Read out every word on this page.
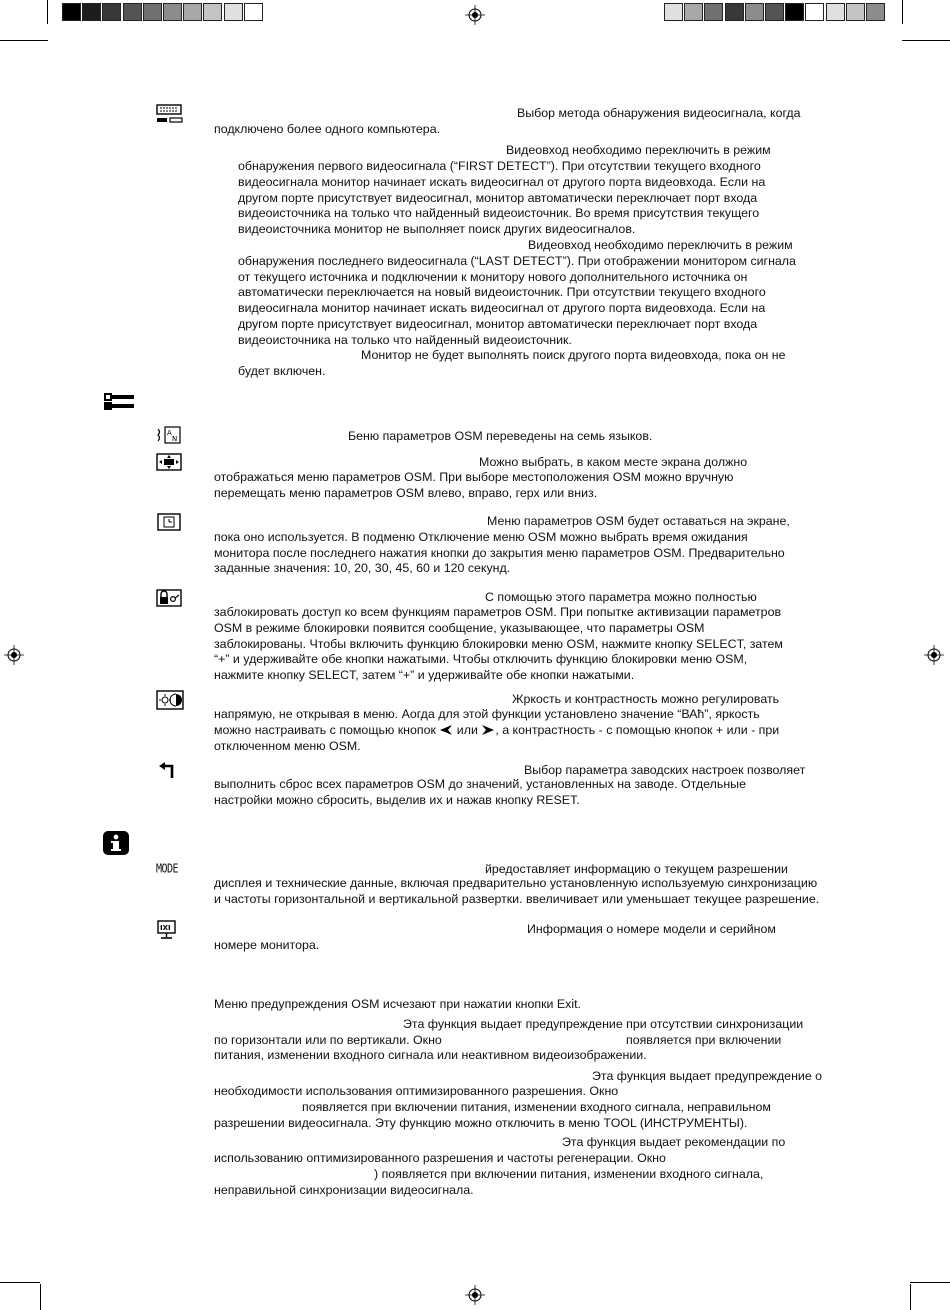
A
N
MODE
IXI
Выбор метода обнаружения видеосигнала, когда
подключено более одного компьютера.
Видеовход необходимо переключить в режим
обнаружения первого видеосигнала (“FIRST DETECT”). При отсутствии текущего входного
видеосигнала монитор начинает искать видеосигнал от другого порта видеовхода. Если на
другом порте присутствует видеосигнал, монитор автоматически переключает порт входа
видеоисточника на только что найденный видеоисточник. Во время присутствия текущего
видеоисточника монитор не выполняет поиск других видеосигналов.
Видеовход необходимо переключить в режим
обнаружения последнего видеосигнала (“LAST DETECT”). При отображении монитором сигнала
от текущего источника и подключении к монитору нового дополнительного источника он
автоматически переключается на новый видеоисточник. При отсутствии текущего входного
видеосигнала монитор начинает искать видеосигнал от другого порта видеовхода. Если на
другом порте присутствует видеосигнал, монитор автоматически переключает порт входа
видеоисточника на только что найденный видеоисточник.
Монитор не будет выполнять поиск другого порта видеовхода, пока он не
будет включен.
Беню параметров OSM переведены на семь языков.
Можно выбрать, в каком месте экрана должно
отображаться меню параметров OSM. При выборе местоположения OSM можно вручную
перемещать меню параметров OSM влево, вправо, герх или вниз.
Меню параметров OSM будет оставаться на экране,
пока оно используется. В подменю Отключение меню OSM можно выбрать время ожидания
монитора после последнего нажатия кнопки до закрытия меню параметров OSM. Предварительно
заданные значения: 10, 20, 30, 45, 60 и 120 секунд.
С помощью этого параметра можно полностью
заблокировать доступ ко всем функциям параметров OSM. При попытке активизации параметров
OSM в режиме блокировки появится сообщение, указывающее, что параметры OSM
заблокированы. Чтобы включить функцию блокировки меню OSM, нажмите кнопку SELECT, затем
“+” и удерживайте обе кнопки нажатыми. Чтобы отключить функцию блокировки меню OSM,
нажмите кнопку SELECT, затем “+” и удерживайте обе кнопки нажатыми.
Жркость и контрастность можно регулировать
напрямую, не открывая в меню. Аогда для этой функции установлено значение “ВАћ”, яркость
можно настраивать с помощью кнопок или , а контрастность - с помощью кнопок + или - при
отключенном меню OSM.
Выбор параметра заводских настроек позволяет
выполнить сброс всех параметров OSM до значений, установленных на заводе. Отдельные
настройки можно сбросить, выделив их и нажав кнопку RESET.
йредоставляет информацию о текущем разрешении
дисплея и технические данные, включая предварительно установленную используемую синхронизацию
и частоты горизонтальной и вертикальной развертки. ввеличивает или уменьшает текущее разрешение.
Информация о номере модели и серийном
номере монитора.
Меню предупреждения OSM исчезают при нажатии кнопки Exit.
Эта функция выдает предупреждение при отсутствии синхронизации
по горизонтали или по вертикали. Окно	появляется при включении
питания, изменении входного сигнала или неактивном видеоизображении.
Эта функция выдает предупреждение о
необходимости использования оптимизированного разрешения. Окно
появляется при включении питания, изменении входного сигнала, неправильном
разрешении видеосигнала. Эту функцию можно отключить в меню TOOL (ИНСТРУМЕНТЫ).
Эта функция выдает рекомендации по
использованию оптимизированного разрешения и частоты регенерации. Окно
) появляется при включении питания, изменении входного сигнала,
неправильной синхронизации видеосигнала.
